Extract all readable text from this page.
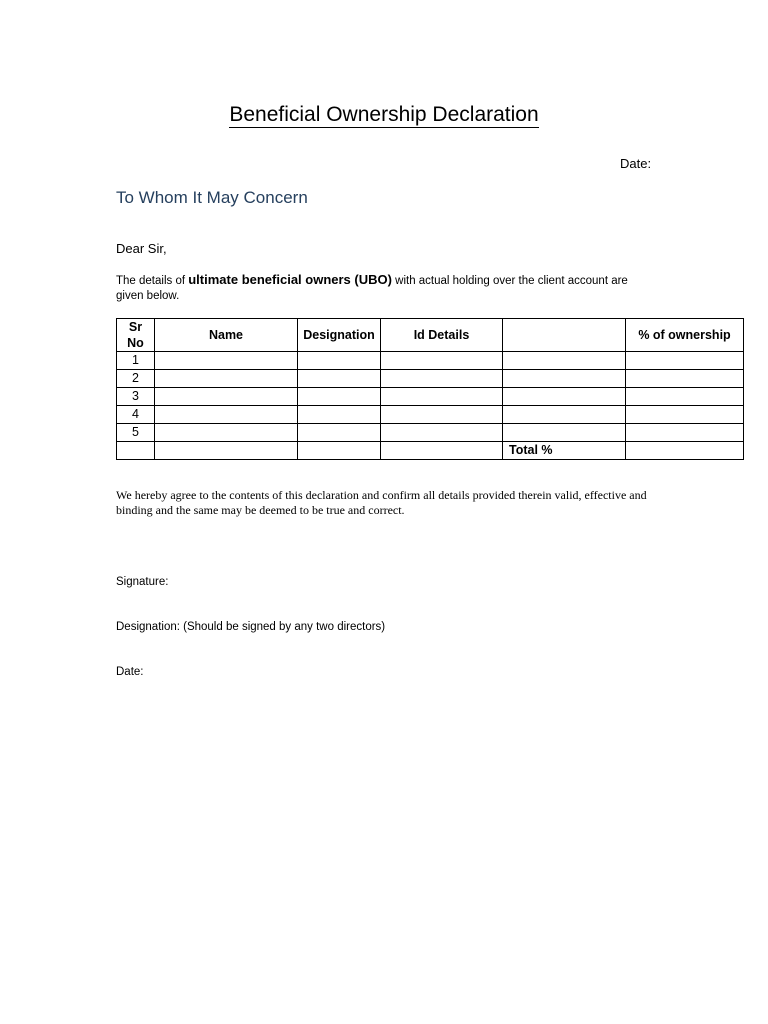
Beneficial Ownership Declaration
Date:
To Whom It May Concern
Dear Sir,
The details of ultimate beneficial owners (UBO) with actual holding over the client account are given below.
Sr No	Name	Designation	Id Details		% of ownership
1					
2					
3					
4					
5					
				Total %	
We hereby agree to the contents of this declaration and confirm all details provided therein valid, effective and binding and the same may be deemed to be true and correct.
Signature:
Designation: (Should be signed by any two directors)
Date:
